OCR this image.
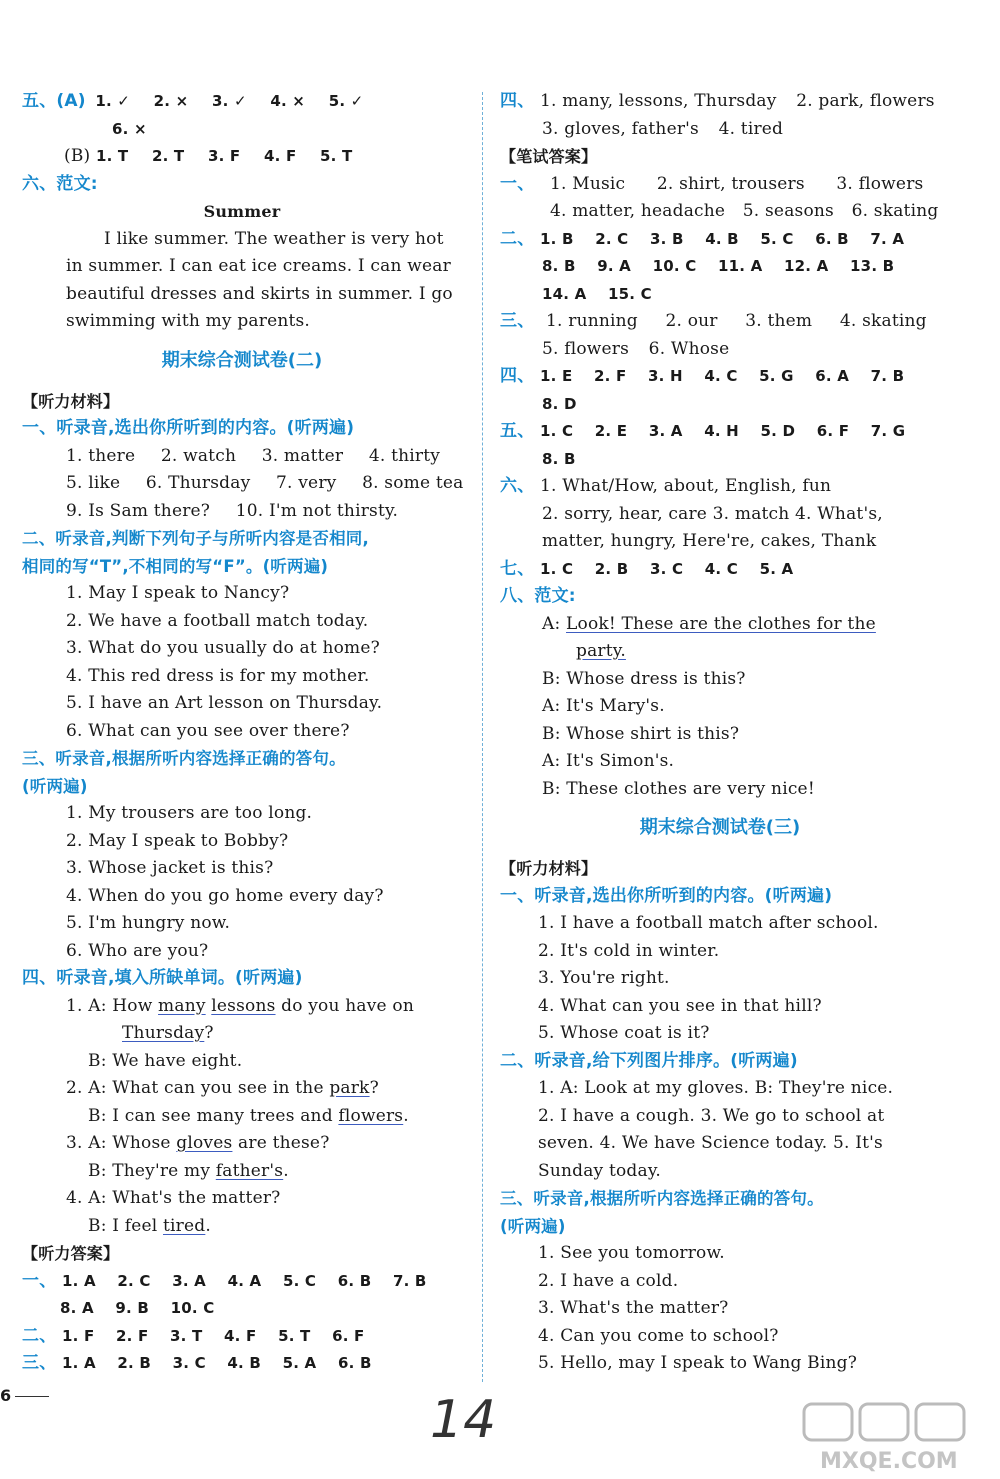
五、(A) 1. ✓ 2. × 3. ✓ 4. × 5. ✓
6. ×
(B) 1. T 2. T 3. F 4. F 5. T
六、范文:
Summer
I like summer. The weather is very hot
in summer. I can eat ice creams. I can wear
beautiful dresses and skirts in summer. I go
swimming with my parents.
期末综合测试卷(二)
【听力材料】
一、听录音,选出你所听到的内容。(听两遍)
1. there 2. watch 3. matter 4. thirty
5. like 6. Thursday 7. very 8. some tea
9. Is Sam there? 10. I'm not thirsty.
二、听录音,判断下列句子与所听内容是否相同,
相同的写“T”,不相同的写“F”。(听两遍)
1. May I speak to Nancy?
2. We have a football match today.
3. What do you usually do at home?
4. This red dress is for my mother.
5. I have an Art lesson on Thursday.
6. What can you see over there?
三、听录音,根据所听内容选择正确的答句。
(听两遍)
1. My trousers are too long.
2. May I speak to Bobby?
3. Whose jacket is this?
4. When do you go home every day?
5. I'm hungry now.
6. Who are you?
四、听录音,填入所缺单词。(听两遍)
1. A: How many lessons do you have on
Thursday?
B: We have eight.
2. A: What can you see in the park?
B: I can see many trees and flowers.
3. A: Whose gloves are these?
B: They're my father's.
4. A: What's the matter?
B: I feel tired.
【听力答案】
一、 1. A 2. C 3. A 4. A 5. C 6. B 7. B
8. A 9. B 10. C
二、 1. F 2. F 3. T 4. F 5. T 6. F
三、 1. A 2. B 3. C 4. B 5. A 6. B
四、 1. many, lessons, Thursday 2. park, flowers
3. gloves, father's 4. tired
【笔试答案】
一、 1. Music 2. shirt, trousers 3. flowers
4. matter, headache 5. seasons 6. skating
二、 1. B 2. C 3. B 4. B 5. C 6. B 7. A
8. B 9. A 10. C 11. A 12. A 13. B
14. A 15. C
三、 1. running 2. our 3. them 4. skating
5. flowers 6. Whose
四、 1. E 2. F 3. H 4. C 5. G 6. A 7. B
8. D
五、 1. C 2. E 3. A 4. H 5. D 6. F 7. G
8. B
六、 1. What/How, about, English, fun
2. sorry, hear, care 3. match 4. What's,
matter, hungry, Here're, cakes, Thank
七、 1. C 2. B 3. C 4. C 5. A
八、范文:
A: Look! These are the clothes for the
party.
B: Whose dress is this?
A: It's Mary's.
B: Whose shirt is this?
A: It's Simon's.
B: These clothes are very nice!
期末综合测试卷(三)
【听力材料】
一、听录音,选出你所听到的内容。(听两遍)
1. I have a football match after school.
2. It's cold in winter.
3. You're right.
4. What can you see in that hill?
5. Whose coat is it?
二、听录音,给下列图片排序。(听两遍)
1. A: Look at my gloves. B: They're nice.
2. I have a cough. 3. We go to school at
seven. 4. We have Science today. 5. It's
Sunday today.
三、听录音,根据所听内容选择正确的答句。
(听两遍)
1. See you tomorrow.
2. I have a cold.
3. What's the matter?
4. Can you come to school?
5. Hello, may I speak to Wang Bing?
6	14
MXQE.COM
